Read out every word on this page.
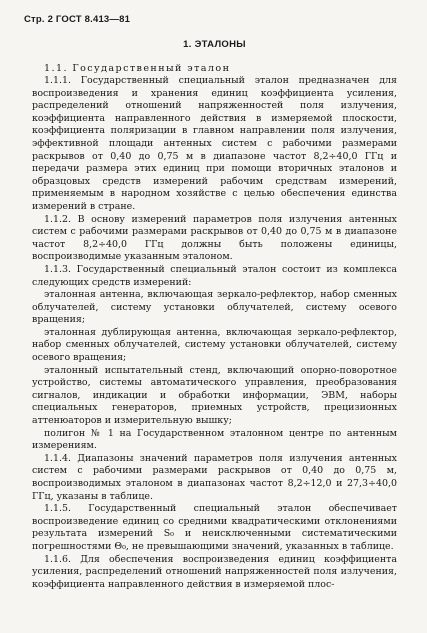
Стр. 2 ГОСТ 8.413—81
1. ЭТАЛОНЫ
1.1. Государственный эталон

1.1.1. Государственный специальный эталон предназначен для воспроизведения и хранения единиц коэффициента усиления, распределений отношений напряженностей поля излучения, коэффициента направленного действия в измеряемой плоскости, коэффициента поляризации в главном направлении поля излучения, эффективной площади антенных систем с рабочими размерами раскрывов от 0,40 до 0,75 м в диапазоне частот 8,2÷40,0 ГГц и передачи размера этих единиц при помощи вторичных эталонов и образцовых средств измерений рабочим средствам измерений, применяемым в народном хозяйстве с целью обеспечения единства измерений в стране.

1.1.2. В основу измерений параметров поля излучения антенных систем с рабочими размерами раскрывов от 0,40 до 0,75 м в диапазоне частот 8,2÷40,0 ГГц должны быть положены единицы, воспроизводимые указанным эталоном.

1.1.3. Государственный специальный эталон состоит из комплекса следующих средств измерений:

эталонная антенна, включающая зеркало-рефлектор, набор сменных облучателей, систему установки облучателей, систему осевого вращения;

эталонная дублирующая антенна, включающая зеркало-рефлектор, набор сменных облучателей, систему установки облучателей, систему осевого вращения;

эталонный испытательный стенд, включающий опорно-поворотное устройство, системы автоматического управления, преобразования сигналов, индикации и обработки информации, ЭВМ, наборы специальных генераторов, приемных устройств, прецизионных аттенюаторов и измерительную вышку;

полигон № 1 на Государственном эталонном центре по антенным измерениям.

1.1.4. Диапазоны значений параметров поля излучения антенных систем с рабочими размерами раскрывов от 0,40 до 0,75 м, воспроизводимых эталоном в диапазонах частот 8,2÷12,0 и 27,3÷40,0 ГГц, указаны в таблице.

1.1.5. Государственный специальный эталон обеспечивает воспроизведение единиц со средними квадратическими отклонениями результата измерений S₀ и неисключенными систематическими погрешностями Θ₀, не превышающими значений, указанных в таблице.

1.1.6. Для обеспечения воспроизведения единиц коэффициента усиления, распределений отношений напряженностей поля излучения, коэффициента направленного действия в измеряемой плос-
